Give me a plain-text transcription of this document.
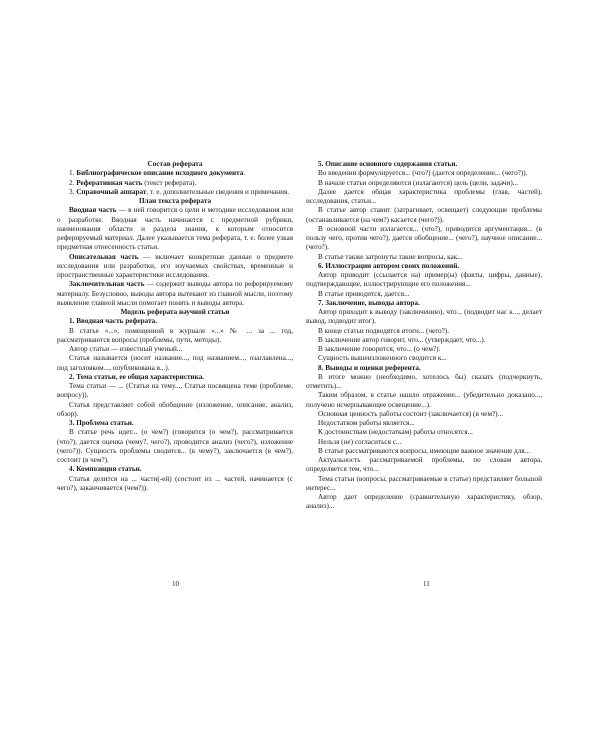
Состав реферата

1. Библиографическое описание исходного документа.

2. Реферативная часть (текст реферата).

3. Справочный аппарат, т. е. дополнительные сведения и примечания.

План текста реферата

Вводная часть — в ней говорится о цели и методике исследования или о разработке. Вводная часть начинается с предметной рубрики, наименования области и раздела знания, к которым относится реферируемый материал. Далее указывается тема реферата, т. е. более узкая предметная отнесенность статьи.

Описательная часть — включает конкретные данные о предмете исследования или разработки, его изучаемых свойствах, временные и пространственные характеристики исследования.

Заключительная часть — содержит выводы автора по реферируемому материалу. Безусловно, выводы автора вытекают из главной мысли, поэтому выявление главной мысли помогает понять и выводы автора.

Модель реферата научной статьи

1. Вводная часть реферата.

В статье «...», помещенной в журнале «...» № ... за ... год, рассматриваются вопросы (проблемы, пути, методы).

Автор статьи — известный ученый...

Статья называется (носит название..., под названием..., озаглавлена..., под заголовком..., опубликована в...).

2. Тема статьи, ее общая характеристика.

Тема статьи — ... (Статья на тему..., Статья посвящена теме (проблеме, вопросу)).

Статья представляет собой обобщение (изложение, описание, анализ, обзор).

3. Проблема статьи.

В статье речь идет... (о чем?) (говорится (о чем?), рассматривается (что?), дается оценка (чему?, чего?), проводится анализ (чего?), изложение (чего?)). Сущность проблемы сводится... (к чему?), заключается (в чем?), состоит (в чем?).

4. Композиция статьи.

Статья делится на ... части(-ей) (состоит из ... частей, начинается (с чего?), заканчивается (чем?)).

5. Описание основного содержания статьи.

Во введении формулируется... (что?) (дается определение... (чего?)).

В начале статьи определяются (излагаются) цель (цели, задачи)...

Далее дается общая характеристика проблемы (глав, частей), исследования, статьи...

В статье автор ставит (затрагивает, освещает) следующие проблемы (останавливается (на чем?) касается (чего?)).

В основной части излагается... (что?), приводится аргументация... (в пользу чего, против чего?), дается обобщение... (чего?), научное описание... (чего?).

В статье также затронуты такие вопросы, как...

6. Иллюстрации автором своих положений.

Автор приводит (ссылается на) пример(ы) (факты, цифры, данные), подтверждающие, иллюстрирующие его положения...

В статье приводится, дается...

7. Заключение, выводы автора.

Автор приходит к выводу (заключению), что... (подводит нас к..., делает вывод, подводит итог).

В конце статьи подводятся итоги... (чего?).

В заключение автор говорит, что... (утверждает, что...).

В заключение говорится, что... (о чем?).

Сущность вышеизложенного сводится к...

8. Выводы и оценки референта.

В итоге можно (необходимо, хотелось бы) сказать (подчеркнуть, отметить)...

Таким образом, в статье нашло отражение... (убедительно доказано..., получено исчерпывающее освещение...).

Основная ценность работы состоит (заключается) (в чем?)...

Недостатком работы является...

К достоинствам (недостаткам) работы относятся...

Нельзя (не) согласиться с...

В статье рассматриваются вопросы, имеющие важное значение для...

Актуальность рассматриваемой проблемы, по словам автора, определяется тем, что...

Тема статьи (вопросы, рассматриваемые в статье) представляет большой интерес...

Автор дает определение (сравнительную характеристику, обзор, анализ)...

10	11
